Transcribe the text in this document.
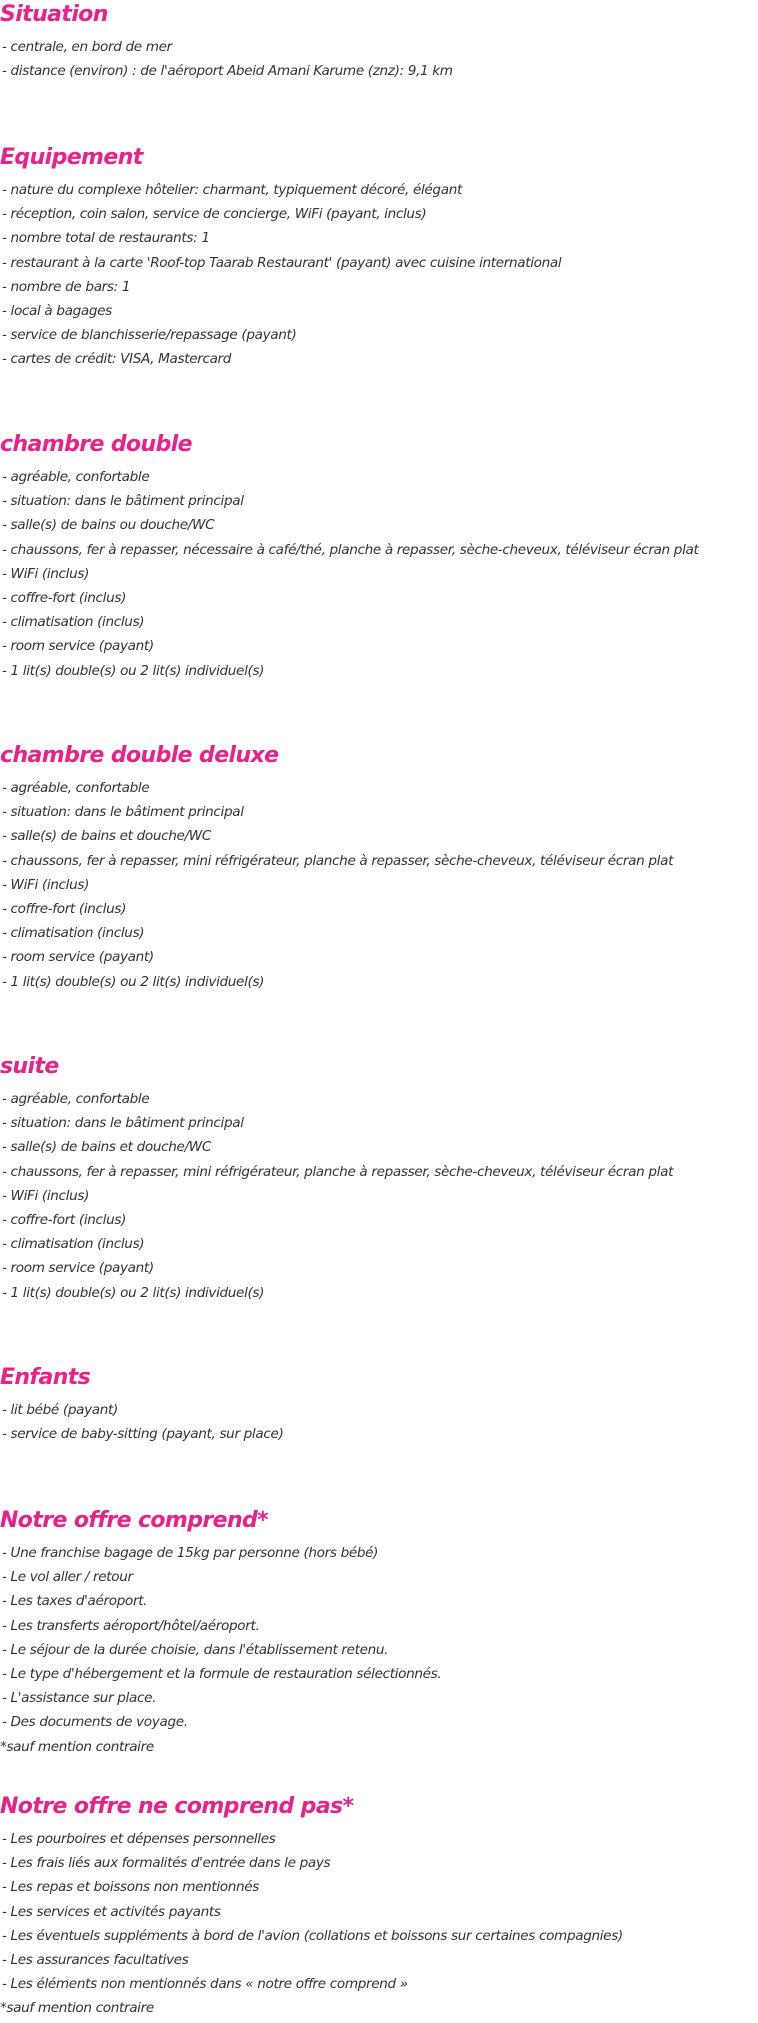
Situation
- centrale, en bord de mer
- distance (environ) : de l'aéroport Abeid Amani Karume (znz): 9,1 km
Equipement
- nature du complexe hôtelier: charmant, typiquement décoré, élégant
- réception, coin salon, service de concierge, WiFi (payant, inclus)
- nombre total de restaurants: 1
- restaurant à la carte 'Roof-top Taarab Restaurant' (payant) avec cuisine international
- nombre de bars: 1
- local à bagages
- service de blanchisserie/repassage (payant)
- cartes de crédit: VISA, Mastercard
chambre double
- agréable, confortable
- situation: dans le bâtiment principal
- salle(s) de bains ou douche/WC
- chaussons, fer à repasser, nécessaire à café/thé, planche à repasser, sèche-cheveux, téléviseur écran plat
- WiFi (inclus)
- coffre-fort (inclus)
- climatisation (inclus)
- room service (payant)
- 1 lit(s) double(s) ou 2 lit(s) individuel(s)
chambre double deluxe
- agréable, confortable
- situation: dans le bâtiment principal
- salle(s) de bains et douche/WC
- chaussons, fer à repasser, mini réfrigérateur, planche à repasser, sèche-cheveux, téléviseur écran plat
- WiFi (inclus)
- coffre-fort (inclus)
- climatisation (inclus)
- room service (payant)
- 1 lit(s) double(s) ou 2 lit(s) individuel(s)
suite
- agréable, confortable
- situation: dans le bâtiment principal
- salle(s) de bains et douche/WC
- chaussons, fer à repasser, mini réfrigérateur, planche à repasser, sèche-cheveux, téléviseur écran plat
- WiFi (inclus)
- coffre-fort (inclus)
- climatisation (inclus)
- room service (payant)
- 1 lit(s) double(s) ou 2 lit(s) individuel(s)
Enfants
- lit bébé (payant)
- service de baby-sitting (payant, sur place)
Notre offre comprend*
- Une franchise bagage de 15kg par personne (hors bébé)
- Le vol aller / retour
- Les taxes d'aéroport.
- Les transferts aéroport/hôtel/aéroport.
- Le séjour de la durée choisie, dans l'établissement retenu.
- Le type d'hébergement et la formule de restauration sélectionnés.
- L'assistance sur place.
- Des documents de voyage.
*sauf mention contraire
Notre offre ne comprend pas*
- Les pourboires et dépenses personnelles
- Les frais liés aux formalités d'entrée dans le pays
- Les repas et boissons non mentionnés
- Les services et activités payants
- Les éventuels suppléments à bord de l'avion (collations et boissons sur certaines compagnies)
- Les assurances facultatives
- Les éléments non mentionnés dans « notre offre comprend »
*sauf mention contraire
